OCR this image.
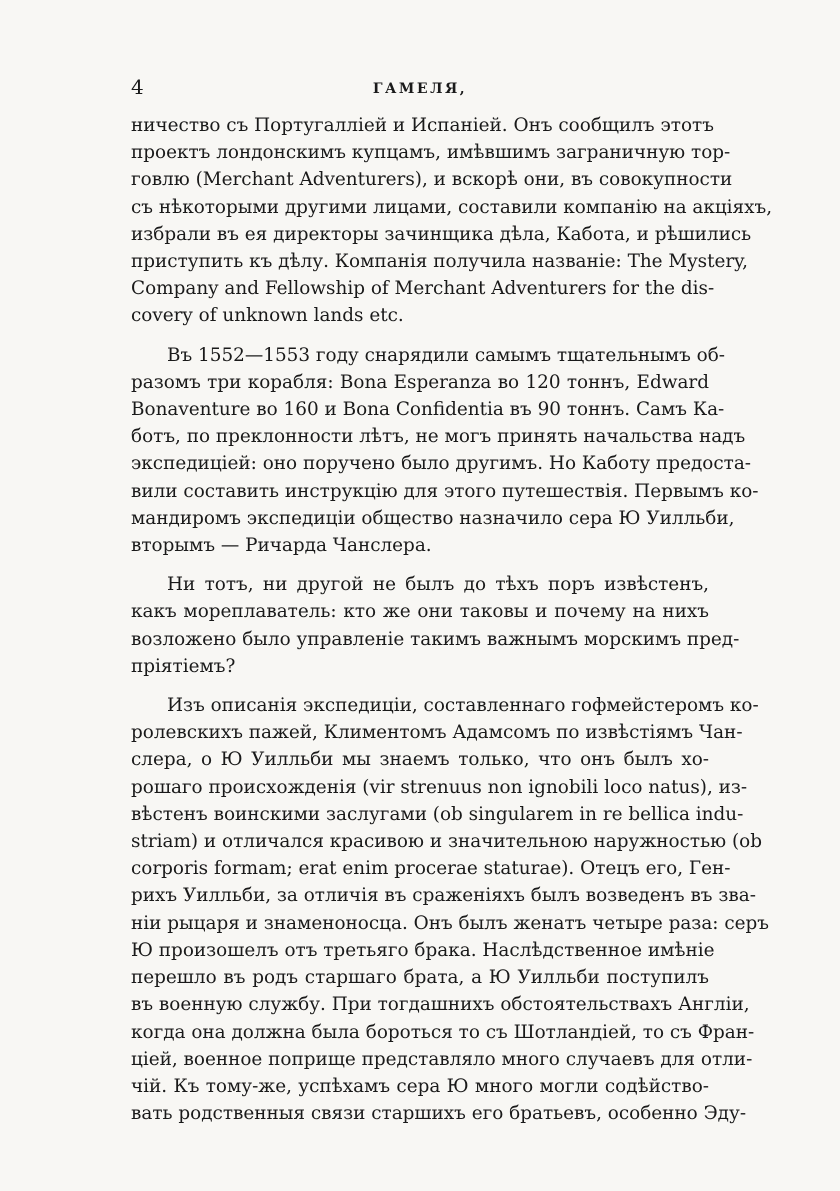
4	ГАМЕЛЯ,
ничество съ Португалліей и Испаніей. Онъ сообщилъ этотъ
проектъ лондонскимъ купцамъ, имѣвшимъ заграничную тор-
говлю (Merchant Adventurers), и вскорѣ они, въ совокупности
съ нѣкоторыми другими лицами, составили компанію на акціяхъ,
избрали въ ея директоры зачинщика дѣла, Кабота, и рѣшились
приступить къ дѣлу. Компанія получила названіе: The Mystery,
Company and Fellowship of Merchant Adventurers for the dis-
covery of unknown lands etc.
Въ 1552—1553 году снарядили самымъ тщательнымъ об-
разомъ три корабля: Bona Esperanza во 120 тоннъ, Edward
Bonaventure во 160 и Bona Confidentia въ 90 тоннъ. Самъ Ка-
ботъ, по преклонности лѣтъ, не могъ принять начальства надъ
экспедиціей: оно поручено было другимъ. Но Каботу предоста-
вили составить инструкцію для этого путешествія. Первымъ ко-
мандиромъ экспедиціи общество назначило сера Ю Уилльби,
вторымъ — Ричарда Чанслера.
Ни тотъ, ни другой не былъ до тѣхъ поръ извѣстенъ,
какъ мореплаватель: кто же они таковы и почему на нихъ
возложено было управленіе такимъ важнымъ морскимъ пред-
пріятіемъ?
Изъ описанія экспедиціи, составленнаго гофмейстеромъ ко-
ролевскихъ пажей, Климентомъ Адамсомъ по извѣстіямъ Чан-
слера, о Ю Уилльби мы знаемъ только, что онъ былъ хо-
рошаго происхожденія (vir strenuus non ignobili loco natus), из-
вѣстенъ воинскими заслугами (ob singularem in re bellica indu-
striam) и отличался красивою и значительною наружностью (ob
corporis formam; erat enim procerae staturae). Отецъ его, Ген-
рихъ Уилльби, за отличія въ сраженіяхъ былъ возведенъ въ зва-
ніи рыцаря и знаменоносца. Онъ былъ женатъ четыре раза: серъ
Ю произошелъ отъ третьяго брака. Наслѣдственное имѣніе
перешло въ родъ старшаго брата, а Ю Уилльби поступилъ
въ военную службу. При тогдашнихъ обстоятельствахъ Англіи,
когда она должна была бороться то съ Шотландіей, то съ Фран-
ціей, военное поприще представляло много случаевъ для отли-
чій. Къ тому-же, успѣхамъ сера Ю много могли содѣйство-
вать родственныя связи старшихъ его братьевъ, особенно Эду-
